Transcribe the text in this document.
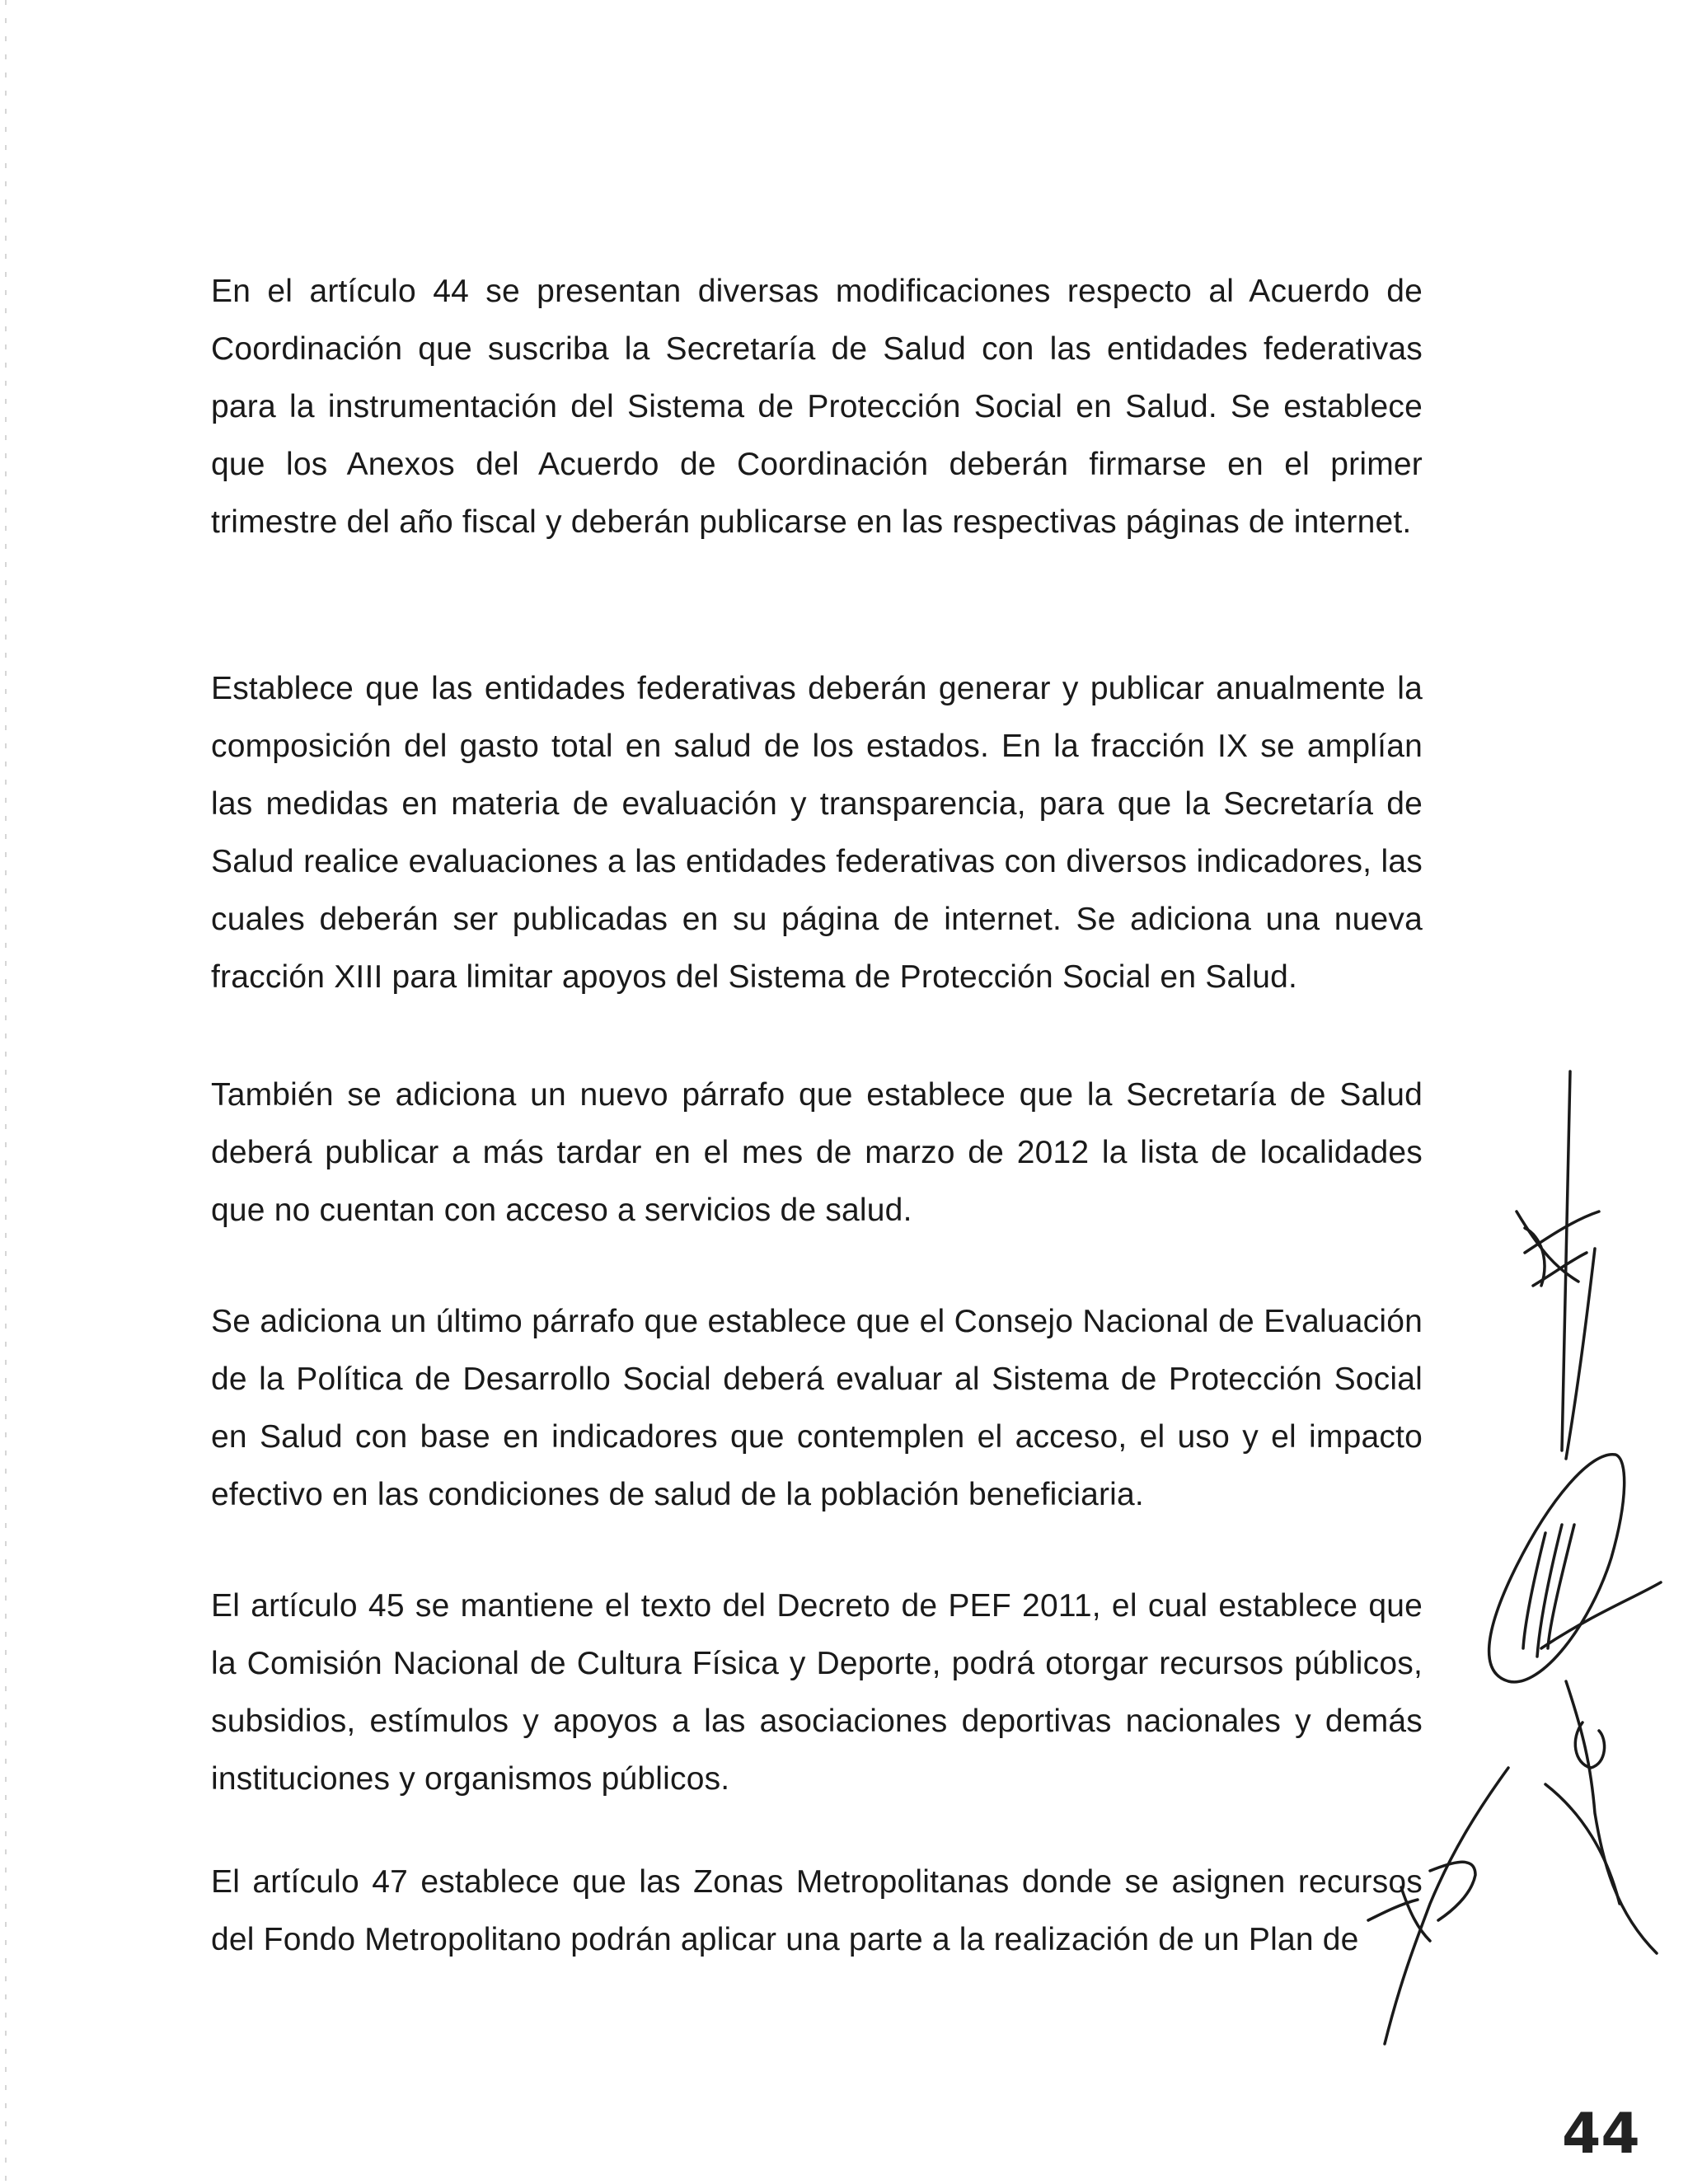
En el artículo 44 se presentan diversas modificaciones respecto al Acuerdo de Coordinación que suscriba la Secretaría de Salud con las entidades federativas para la instrumentación del Sistema de Protección Social en Salud. Se establece que los Anexos del Acuerdo de Coordinación deberán firmarse en el primer trimestre del año fiscal y deberán publicarse en las respectivas páginas de internet.

Establece que las entidades federativas deberán generar y publicar anualmente la composición del gasto total en salud de los estados. En la fracción IX se amplían las medidas en materia de evaluación y transparencia, para que la Secretaría de Salud realice evaluaciones a las entidades federativas con diversos indicadores, las cuales deberán ser publicadas en su página de internet. Se adiciona una nueva fracción XIII para limitar apoyos del Sistema de Protección Social en Salud.

También se adiciona un nuevo párrafo que establece que la Secretaría de Salud deberá publicar a más tardar en el mes de marzo de 2012 la lista de localidades que no cuentan con acceso a servicios de salud.

Se adiciona un último párrafo que establece que el Consejo Nacional de Evaluación de la Política de Desarrollo Social deberá evaluar al Sistema de Protección Social en Salud con base en indicadores que contemplen el acceso, el uso y el impacto efectivo en las condiciones de salud de la población beneficiaria.

El artículo 45 se mantiene el texto del Decreto de PEF 2011, el cual establece que la Comisión Nacional de Cultura Física y Deporte, podrá otorgar recursos públicos, subsidios, estímulos y apoyos a las asociaciones deportivas nacionales y demás instituciones y organismos públicos.

El artículo 47 establece que las Zonas Metropolitanas donde se asignen recursos del Fondo Metropolitano podrán aplicar una parte a la realización de un Plan de

44
